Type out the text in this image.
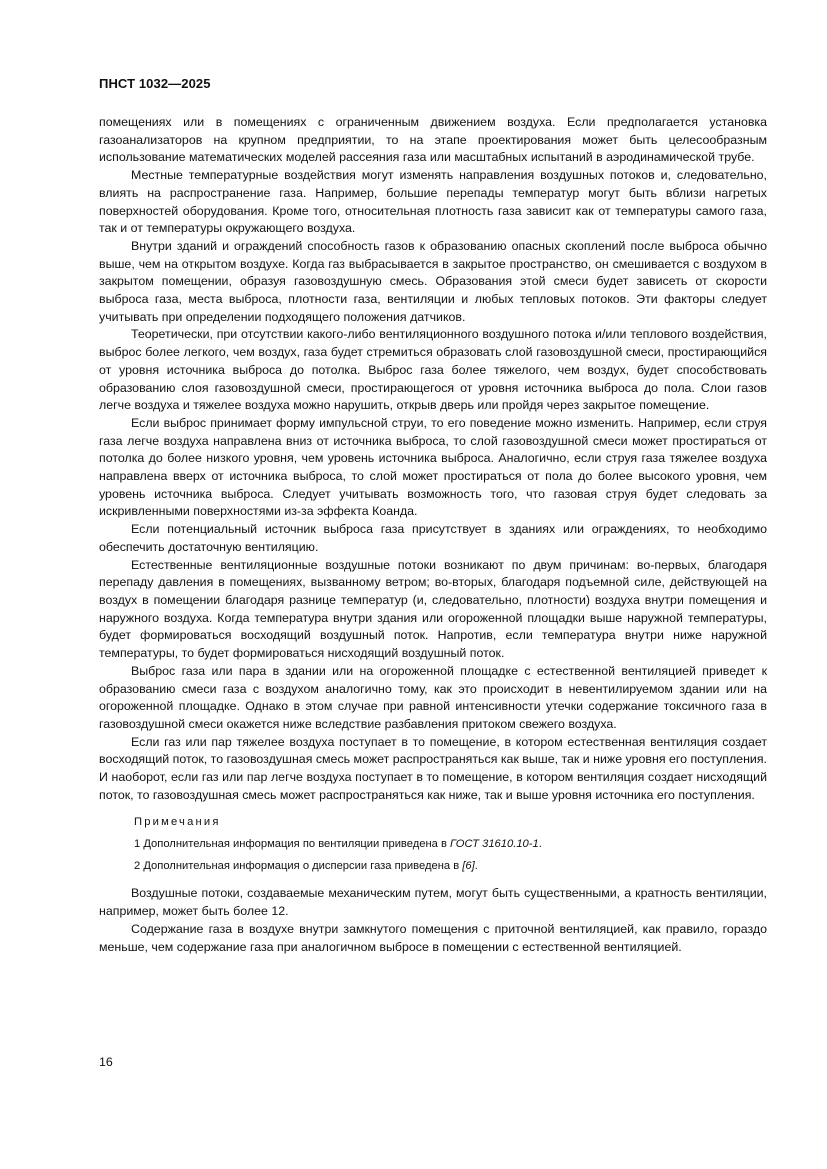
ПНСТ 1032—2025

помещениях или в помещениях с ограниченным движением воздуха. Если предполагается установка газоанализаторов на крупном предприятии, то на этапе проектирования может быть целесообразным использование математических моделей рассеяния газа или масштабных испытаний в аэродинамической трубе.

Местные температурные воздействия могут изменять направления воздушных потоков и, следовательно, влиять на распространение газа. Например, большие перепады температур могут быть вблизи нагретых поверхностей оборудования. Кроме того, относительная плотность газа зависит как от температуры самого газа, так и от температуры окружающего воздуха.

Внутри зданий и ограждений способность газов к образованию опасных скоплений после выброса обычно выше, чем на открытом воздухе. Когда газ выбрасывается в закрытое пространство, он смешивается с воздухом в закрытом помещении, образуя газовоздушную смесь. Образования этой смеси будет зависеть от скорости выброса газа, места выброса, плотности газа, вентиляции и любых тепловых потоков. Эти факторы следует учитывать при определении подходящего положения датчиков.

Теоретически, при отсутствии какого-либо вентиляционного воздушного потока и/или теплового воздействия, выброс более легкого, чем воздух, газа будет стремиться образовать слой газовоздушной смеси, простирающийся от уровня источника выброса до потолка. Выброс газа более тяжелого, чем воздух, будет способствовать образованию слоя газовоздушной смеси, простирающегося от уровня источника выброса до пола. Слои газов легче воздуха и тяжелее воздуха можно нарушить, открыв дверь или пройдя через закрытое помещение.

Если выброс принимает форму импульсной струи, то его поведение можно изменить. Например, если струя газа легче воздуха направлена вниз от источника выброса, то слой газовоздушной смеси может простираться от потолка до более низкого уровня, чем уровень источника выброса. Аналогично, если струя газа тяжелее воздуха направлена вверх от источника выброса, то слой может простираться от пола до более высокого уровня, чем уровень источника выброса. Следует учитывать возможность того, что газовая струя будет следовать за искривленными поверхностями из-за эффекта Коанда.

Если потенциальный источник выброса газа присутствует в зданиях или ограждениях, то необходимо обеспечить достаточную вентиляцию.

Естественные вентиляционные воздушные потоки возникают по двум причинам: во-первых, благодаря перепаду давления в помещениях, вызванному ветром; во-вторых, благодаря подъемной силе, действующей на воздух в помещении благодаря разнице температур (и, следовательно, плотности) воздуха внутри помещения и наружного воздуха. Когда температура внутри здания или огороженной площадки выше наружной температуры, будет формироваться восходящий воздушный поток. Напротив, если температура внутри ниже наружной температуры, то будет формироваться нисходящий воздушный поток.

Выброс газа или пара в здании или на огороженной площадке с естественной вентиляцией приведет к образованию смеси газа с воздухом аналогично тому, как это происходит в невентилируемом здании или на огороженной площадке. Однако в этом случае при равной интенсивности утечки содержание токсичного газа в газовоздушной смеси окажется ниже вследствие разбавления притоком свежего воздуха.

Если газ или пар тяжелее воздуха поступает в то помещение, в котором естественная вентиляция создает восходящий поток, то газовоздушная смесь может распространяться как выше, так и ниже уровня его поступления. И наоборот, если газ или пар легче воздуха поступает в то помещение, в котором вентиляция создает нисходящий поток, то газовоздушная смесь может распространяться как ниже, так и выше уровня источника его поступления.

Примечания
1 Дополнительная информация по вентиляции приведена в ГОСТ 31610.10-1.
2 Дополнительная информация о дисперсии газа приведена в [6].

Воздушные потоки, создаваемые механическим путем, могут быть существенными, а кратность вентиляции, например, может быть более 12.

Содержание газа в воздухе внутри замкнутого помещения с приточной вентиляцией, как правило, гораздо меньше, чем содержание газа при аналогичном выбросе в помещении с естественной вентиляцией.

16
